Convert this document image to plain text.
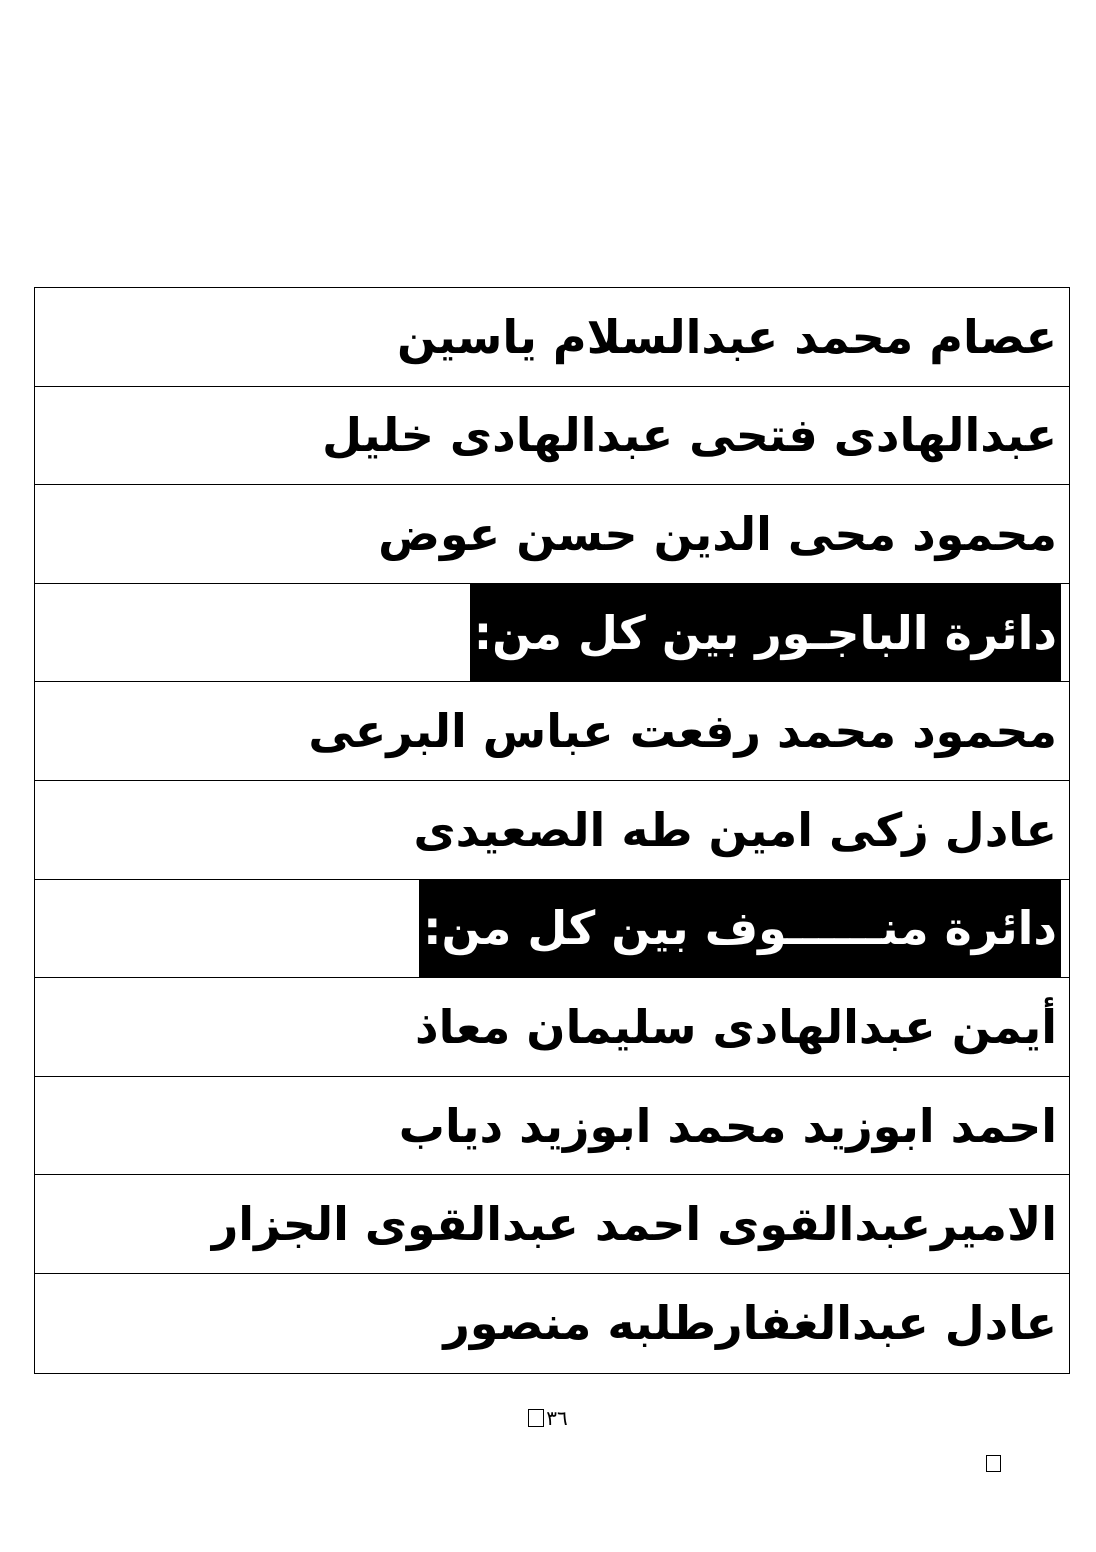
عصام محمد عبدالسلام ياسين
عبدالهادى فتحى عبدالهادى خليل
محمود محى الدين حسن عوض
دائرة الباجـور بين كل من:
محمود محمد رفعت عباس البرعى
عادل زكى امين طه الصعيدى
دائرة منــــــوف بين كل من:
أيمن عبدالهادى سليمان معاذ
احمد ابوزيد محمد ابوزيد دياب
الاميرعبدالقوى احمد عبدالقوى الجزار
عادل عبدالغفارطلبه منصور
٣٦
